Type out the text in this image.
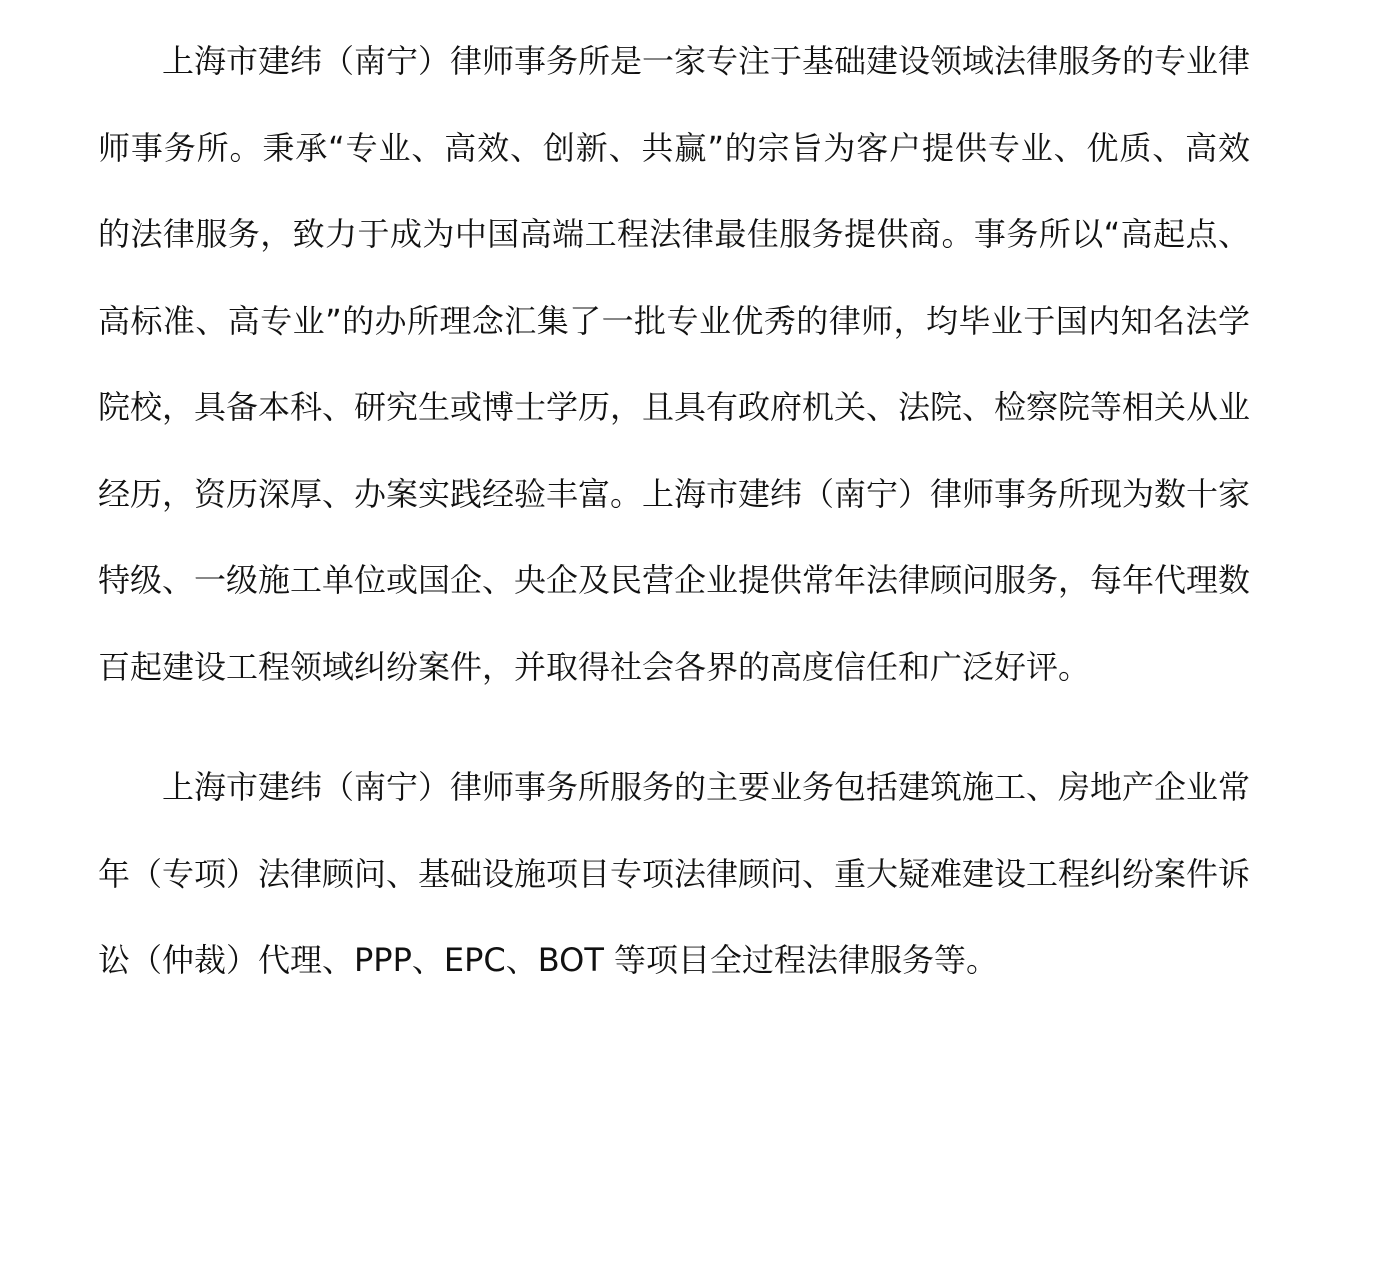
上海市建纬（南宁）律师事务所是一家专注于基础建设领域法律服务的专业律师事务所。秉承“专业、高效、创新、共赢”的宗旨为客户提供专业、优质、高效的法律服务，致力于成为中国高端工程法律最佳服务提供商。事务所以“高起点、高标准、高专业”的办所理念汇集了一批专业优秀的律师，均毕业于国内知名法学院校，具备本科、研究生或博士学历，且具有政府机关、法院、检察院等相关从业经历，资历深厚、办案实践经验丰富。上海市建纬（南宁）律师事务所现为数十家特级、一级施工单位或国企、央企及民营企业提供常年法律顾问服务，每年代理数百起建设工程领域纠纷案件，并取得社会各界的高度信任和广泛好评。

上海市建纬（南宁）律师事务所服务的主要业务包括建筑施工、房地产企业常年（专项）法律顾问、基础设施项目专项法律顾问、重大疑难建设工程纠纷案件诉讼（仲裁）代理、PPP、EPC、BOT 等项目全过程法律服务等。
